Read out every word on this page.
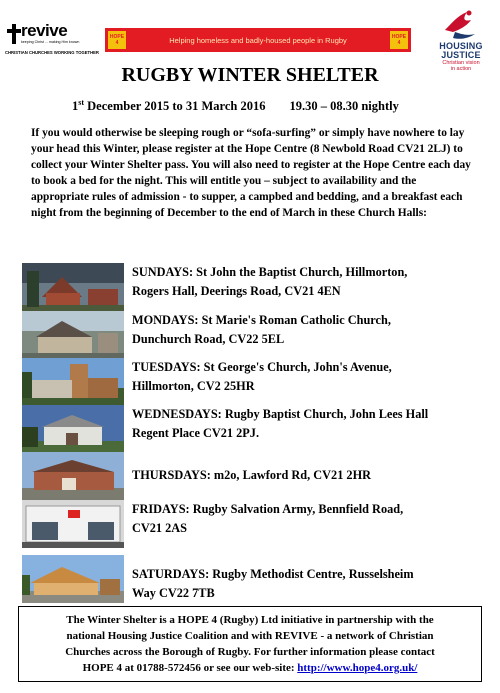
revive
keeping Christ ... making Him known
CHRISTIAN CHURCHES WORKING TOGETHER
HOPE
4	Helping homeless and badly-housed people in Rugby	HOPE
4	HOUSING
JUSTICE
Christian vision
in action
RUGBY WINTER SHELTER
1st December 2015 to 31 March 2016 19.30 – 08.30 nightly
If you would otherwise be sleeping rough or “sofa-surfing” or simply have nowhere to lay your head this Winter, please register at the Hope Centre (8 Newbold Road CV21 2LJ) to collect your Winter Shelter pass. You will also need to register at the Hope Centre each day to book a bed for the night. This will entitle you – subject to availability and the appropriate rules of admission - to supper, a campbed and bedding, and a breakfast each night from the beginning of December to the end of March in these Church Halls:
SUNDAYS: St John the Baptist Church, Hillmorton,
Rogers Hall, Deerings Road, CV21 4EN
MONDAYS: St Marie's Roman Catholic Church,
Dunchurch Road, CV22 5EL
TUESDAYS: St George's Church, John's Avenue,
Hillmorton, CV2 25HR
WEDNESDAYS: Rugby Baptist Church, John Lees Hall
Regent Place CV21 2PJ.
THURSDAYS: m2o, Lawford Rd, CV21 2HR
FRIDAYS: Rugby Salvation Army, Bennfield Road,
CV21 2AS
SATURDAYS: Rugby Methodist Centre, Russelsheim
Way CV22 7TB
The Winter Shelter is a HOPE 4 (Rugby) Ltd initiative in partnership with the
national Housing Justice Coalition and with REVIVE - a network of Christian
Churches across the Borough of Rugby. For further information please contact
HOPE 4 at 01788-572456 or see our web-site: http://www.hope4.org.uk/
